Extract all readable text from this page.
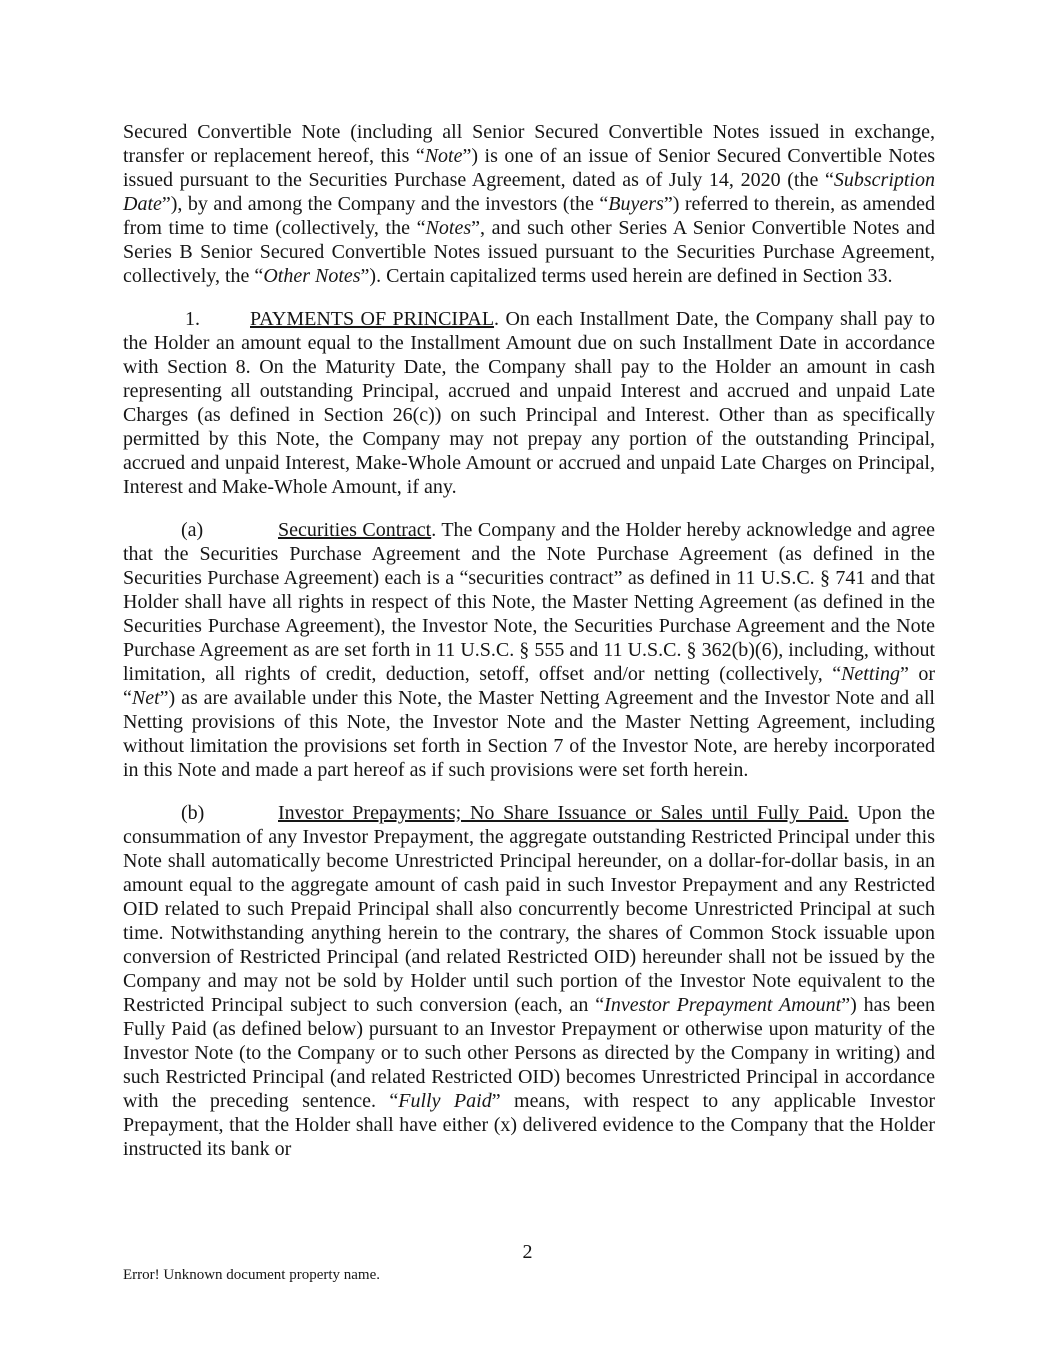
Secured Convertible Note (including all Senior Secured Convertible Notes issued in exchange, transfer or replacement hereof, this “Note”) is one of an issue of Senior Secured Convertible Notes issued pursuant to the Securities Purchase Agreement, dated as of July 14, 2020 (the “Subscription Date”), by and among the Company and the investors (the “Buyers”) referred to therein, as amended from time to time (collectively, the “Notes”, and such other Series A Senior Convertible Notes and Series B Senior Secured Convertible Notes issued pursuant to the Securities Purchase Agreement, collectively, the “Other Notes”). Certain capitalized terms used herein are defined in Section 33.

1.	PAYMENTS OF PRINCIPAL. On each Installment Date, the Company shall pay to the Holder an amount equal to the Installment Amount due on such Installment Date in accordance with Section 8. On the Maturity Date, the Company shall pay to the Holder an amount in cash representing all outstanding Principal, accrued and unpaid Interest and accrued and unpaid Late Charges (as defined in Section 26(c)) on such Principal and Interest. Other than as specifically permitted by this Note, the Company may not prepay any portion of the outstanding Principal, accrued and unpaid Interest, Make-Whole Amount or accrued and unpaid Late Charges on Principal, Interest and Make-Whole Amount, if any.

(a)	Securities Contract. The Company and the Holder hereby acknowledge and agree that the Securities Purchase Agreement and the Note Purchase Agreement (as defined in the Securities Purchase Agreement) each is a “securities contract” as defined in 11 U.S.C. § 741 and that Holder shall have all rights in respect of this Note, the Master Netting Agreement (as defined in the Securities Purchase Agreement), the Investor Note, the Securities Purchase Agreement and the Note Purchase Agreement as are set forth in 11 U.S.C. § 555 and 11 U.S.C. § 362(b)(6), including, without limitation, all rights of credit, deduction, setoff, offset and/or netting (collectively, “Netting” or “Net”) as are available under this Note, the Master Netting Agreement and the Investor Note and all Netting provisions of this Note, the Investor Note and the Master Netting Agreement, including without limitation the provisions set forth in Section 7 of the Investor Note, are hereby incorporated in this Note and made a part hereof as if such provisions were set forth herein.

(b)	Investor Prepayments; No Share Issuance or Sales until Fully Paid. Upon the consummation of any Investor Prepayment, the aggregate outstanding Restricted Principal under this Note shall automatically become Unrestricted Principal hereunder, on a dollar-for-dollar basis, in an amount equal to the aggregate amount of cash paid in such Investor Prepayment and any Restricted OID related to such Prepaid Principal shall also concurrently become Unrestricted Principal at such time. Notwithstanding anything herein to the contrary, the shares of Common Stock issuable upon conversion of Restricted Principal (and related Restricted OID) hereunder shall not be issued by the Company and may not be sold by Holder until such portion of the Investor Note equivalent to the Restricted Principal subject to such conversion (each, an “Investor Prepayment Amount”) has been Fully Paid (as defined below) pursuant to an Investor Prepayment or otherwise upon maturity of the Investor Note (to the Company or to such other Persons as directed by the Company in writing) and such Restricted Principal (and related Restricted OID) becomes Unrestricted Principal in accordance with the preceding sentence. “Fully Paid” means, with respect to any applicable Investor Prepayment, that the Holder shall have either (x) delivered evidence to the Company that the Holder instructed its bank or

2
Error! Unknown document property name.
